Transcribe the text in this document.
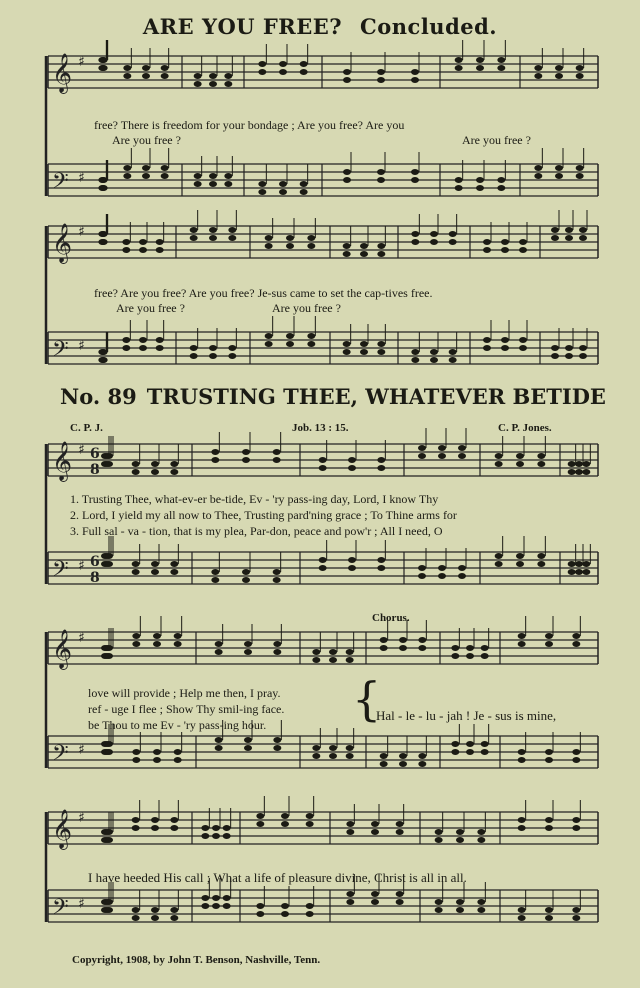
ARE YOU FREE? Concluded.
𝄞 ♯
𝄢 ♯
𝄞 ♯
𝄢 ♯
𝄞 ♯
𝄢 ♯
𝄞 ♯
𝄢 ♯
𝄞 ♯
𝄢 ♯
6
8
6
8
free? There is freedom for your bondage ; Are you free? Are you
Are you free ?	Are you free ?
free? Are you free? Are you free? Je-sus came to set the cap-tives free.
Are you free ?	Are you free ?
No. 89 TRUSTING THEE, WHATEVER BETIDE
C. P. J.	Job. 13 : 15.	C. P. Jones.
1. Trusting Thee, what-ev-er be-tide, Ev - 'ry pass-ing day, Lord, I know Thy
2. Lord, I yield my all now to Thee, Trusting pard'ning grace ; To Thine arms for
3. Full sal - va - tion, that is my plea, Par-don, peace and pow'r ; All I need, O
Chorus.
love will provide ; Help me then, I pray.
ref - uge I flee ; Show Thy smil-ing face.
be Thou to me Ev - 'ry pass-ing hour. {
Hal - le - lu - jah ! Je - sus is mine,
I have heeded His call ; What a life of pleasure divine, Christ is all in all.
Copyright, 1908, by John T. Benson, Nashville, Tenn.
